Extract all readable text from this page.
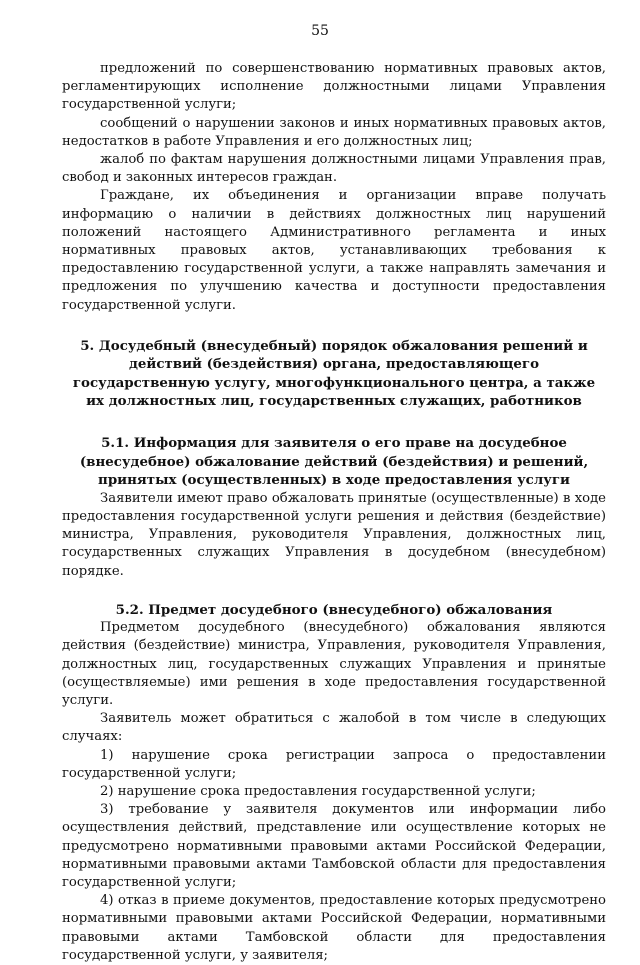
55

предложений по совершенствованию нормативных правовых актов, регламентирующих исполнение должностными лицами Управления государственной услуги;

сообщений о нарушении законов и иных нормативных правовых актов, недостатков в работе Управления и его должностных лиц;

жалоб по фактам нарушения должностными лицами Управления прав, свобод и законных интересов граждан.

Граждане, их объединения и организации вправе получать информацию о наличии в действиях должностных лиц нарушений положений настоящего Административного регламента и иных нормативных правовых актов, устанавливающих требования к предоставлению государственной услуги, а также направлять замечания и предложения по улучшению качества и доступности предоставления государственной услуги.

5. Досудебный (внесудебный) порядок обжалования решений и действий (бездействия) органа, предоставляющего государственную услугу, многофункционального центра, а также их должностных лиц, государственных служащих, работников
5.1. Информация для заявителя о его праве на досудебное (внесудебное) обжалование действий (бездействия) и решений, принятых (осуществленных) в ходе предоставления услуги

Заявители имеют право обжаловать принятые (осуществленные) в ходе предоставления государственной услуги решения и действия (бездействие) министра, Управления, руководителя Управления, должностных лиц, государственных служащих Управления в досудебном (внесудебном) порядке.

5.2. Предмет досудебного (внесудебного) обжалования

Предметом досудебного (внесудебного) обжалования являются действия (бездействие) министра, Управления, руководителя Управления, должностных лиц, государственных служащих Управления и принятые (осуществляемые) ими решения в ходе предоставления государственной услуги.

Заявитель может обратиться с жалобой в том числе в следующих случаях:

1) нарушение срока регистрации запроса о предоставлении государственной услуги;

2) нарушение срока предоставления государственной услуги;

3) требование у заявителя документов или информации либо осуществления действий, представление или осуществление которых не предусмотрено нормативными правовыми актами Российской Федерации, нормативными правовыми актами Тамбовской области для предоставления государственной услуги;

4) отказ в приеме документов, предоставление которых предусмотрено нормативными правовыми актами Российской Федерации, нормативными правовыми актами Тамбовской области для предоставления государственной услуги, у заявителя;
